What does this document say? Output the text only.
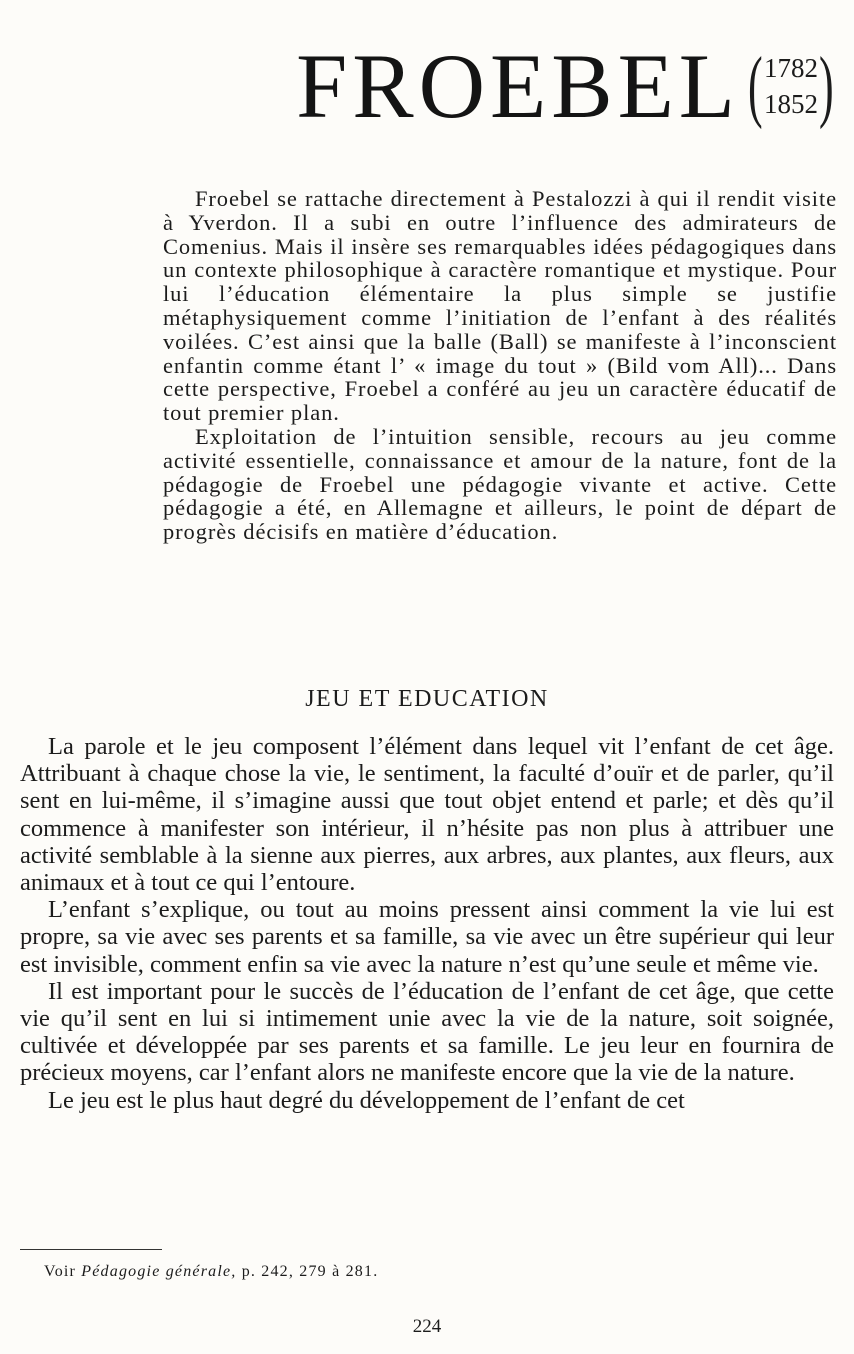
FROEBEL ( 1782
1852 )

Froebel se rattache directement à Pestalozzi à qui il rendit visite à Yverdon. Il a subi en outre l’influence des admirateurs de Comenius. Mais il insère ses remarquables idées pédagogiques dans un contexte philosophique à caractère romantique et mystique. Pour lui l’éducation élémentaire la plus simple se justifie métaphysiquement comme l’initiation de l’enfant à des réalités voilées. C’est ainsi que la balle (Ball) se manifeste à l’inconscient enfantin comme étant l’ « image du tout » (Bild vom All)... Dans cette perspective, Froebel a conféré au jeu un caractère éducatif de tout premier plan.

Exploitation de l’intuition sensible, recours au jeu comme activité essentielle, connaissance et amour de la nature, font de la pédagogie de Froebel une pédagogie vivante et active. Cette pédagogie a été, en Allemagne et ailleurs, le point de départ de progrès décisifs en matière d’éducation.

JEU ET EDUCATION

La parole et le jeu composent l’élément dans lequel vit l’enfant de cet âge. Attribuant à chaque chose la vie, le sentiment, la faculté d’ouïr et de parler, qu’il sent en lui-même, il s’imagine aussi que tout objet entend et parle; et dès qu’il commence à manifester son intérieur, il n’hésite pas non plus à attribuer une activité semblable à la sienne aux pierres, aux arbres, aux plantes, aux fleurs, aux animaux et à tout ce qui l’entoure.

L’enfant s’explique, ou tout au moins pressent ainsi comment la vie lui est propre, sa vie avec ses parents et sa famille, sa vie avec un être supérieur qui leur est invisible, comment enfin sa vie avec la nature n’est qu’une seule et même vie.

Il est important pour le succès de l’éducation de l’enfant de cet âge, que cette vie qu’il sent en lui si intimement unie avec la vie de la nature, soit soignée, cultivée et développée par ses parents et sa famille. Le jeu leur en fournira de précieux moyens, car l’enfant alors ne manifeste encore que la vie de la nature.

Le jeu est le plus haut degré du développement de l’enfant de cet

Voir Pédagogie générale, p. 242, 279 à 281.
224
